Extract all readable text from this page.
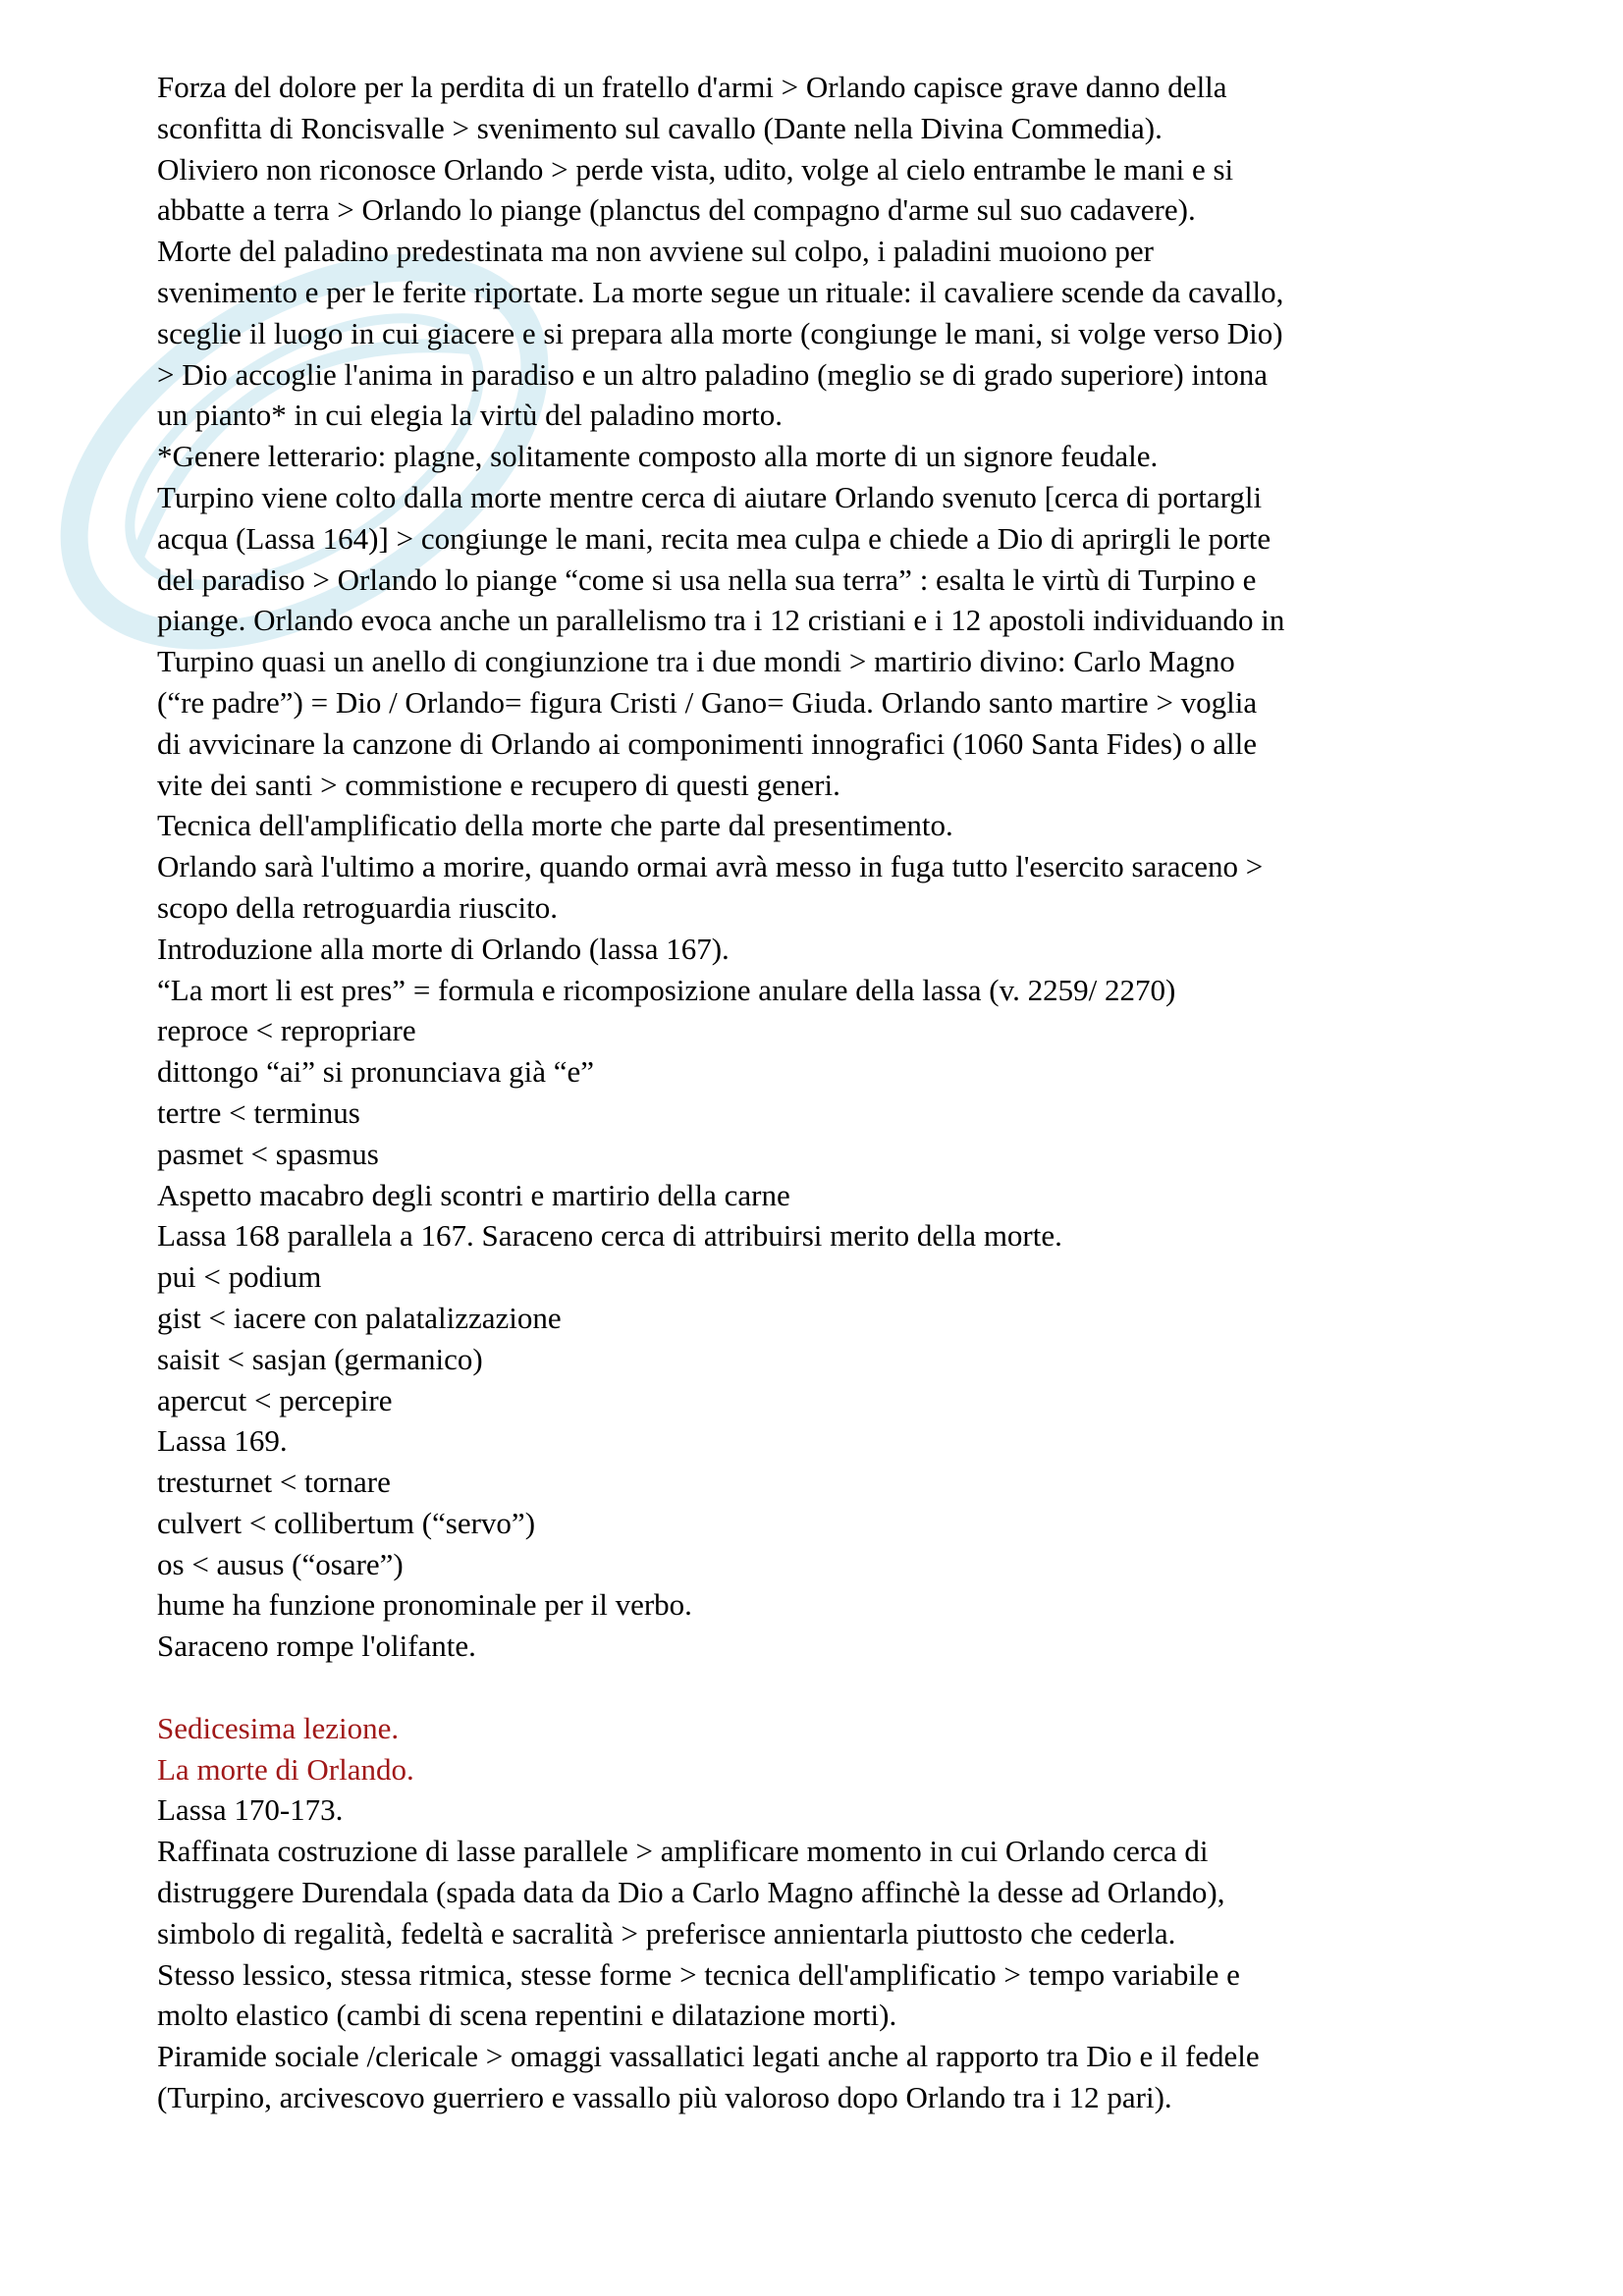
Forza del dolore per la perdita di un fratello d'armi > Orlando capisce grave danno della
sconfitta di Roncisvalle > svenimento sul cavallo (Dante nella Divina Commedia).
Oliviero non riconosce Orlando > perde vista, udito, volge al cielo entrambe le mani e si
abbatte a terra > Orlando lo piange (planctus del compagno d'arme sul suo cadavere).
Morte del paladino predestinata ma non avviene sul colpo, i paladini muoiono per
svenimento e per le ferite riportate. La morte segue un rituale: il cavaliere scende da cavallo,
sceglie il luogo in cui giacere e si prepara alla morte (congiunge le mani, si volge verso Dio)
> Dio accoglie l'anima in paradiso e un altro paladino (meglio se di grado superiore) intona
un pianto* in cui elegia la virtù del paladino morto.
*Genere letterario: plagne, solitamente composto alla morte di un signore feudale.
Turpino viene colto dalla morte mentre cerca di aiutare Orlando svenuto [cerca di portargli
acqua (Lassa 164)] > congiunge le mani, recita mea culpa e chiede a Dio di aprirgli le porte
del paradiso > Orlando lo piange “come si usa nella sua terra” : esalta le virtù di Turpino e
piange. Orlando evoca anche un parallelismo tra i 12 cristiani e i 12 apostoli individuando in
Turpino quasi un anello di congiunzione tra i due mondi > martirio divino: Carlo Magno
(“re padre”) = Dio / Orlando= figura Cristi / Gano= Giuda. Orlando santo martire > voglia
di avvicinare la canzone di Orlando ai componimenti innografici (1060 Santa Fides) o alle
vite dei santi > commistione e recupero di questi generi.
Tecnica dell'amplificatio della morte che parte dal presentimento.
Orlando sarà l'ultimo a morire, quando ormai avrà messo in fuga tutto l'esercito saraceno >
scopo della retroguardia riuscito.
Introduzione alla morte di Orlando (lassa 167).
“La mort li est pres” = formula e ricomposizione anulare della lassa (v. 2259/ 2270)
reproce < repropriare
dittongo “ai” si pronunciava già “e”
tertre < terminus
pasmet < spasmus
Aspetto macabro degli scontri e martirio della carne
Lassa 168 parallela a 167. Saraceno cerca di attribuirsi merito della morte.
pui < podium
gist < iacere con palatalizzazione
saisit < sasjan (germanico)
apercut < percepire
Lassa 169.
tresturnet < tornare
culvert < collibertum (“servo”)
os < ausus (“osare”)
hume ha funzione pronominale per il verbo.
Saraceno rompe l'olifante.
Sedicesima lezione.
La morte di Orlando.
Lassa 170-173.
Raffinata costruzione di lasse parallele > amplificare momento in cui Orlando cerca di
distruggere Durendala (spada data da Dio a Carlo Magno affinchè la desse ad Orlando),
simbolo di regalità, fedeltà e sacralità > preferisce annientarla piuttosto che cederla.
Stesso lessico, stessa ritmica, stesse forme > tecnica dell'amplificatio > tempo variabile e
molto elastico (cambi di scena repentini e dilatazione morti).
Piramide sociale /clericale > omaggi vassallatici legati anche al rapporto tra Dio e il fedele
(Turpino, arcivescovo guerriero e vassallo più valoroso dopo Orlando tra i 12 pari).
